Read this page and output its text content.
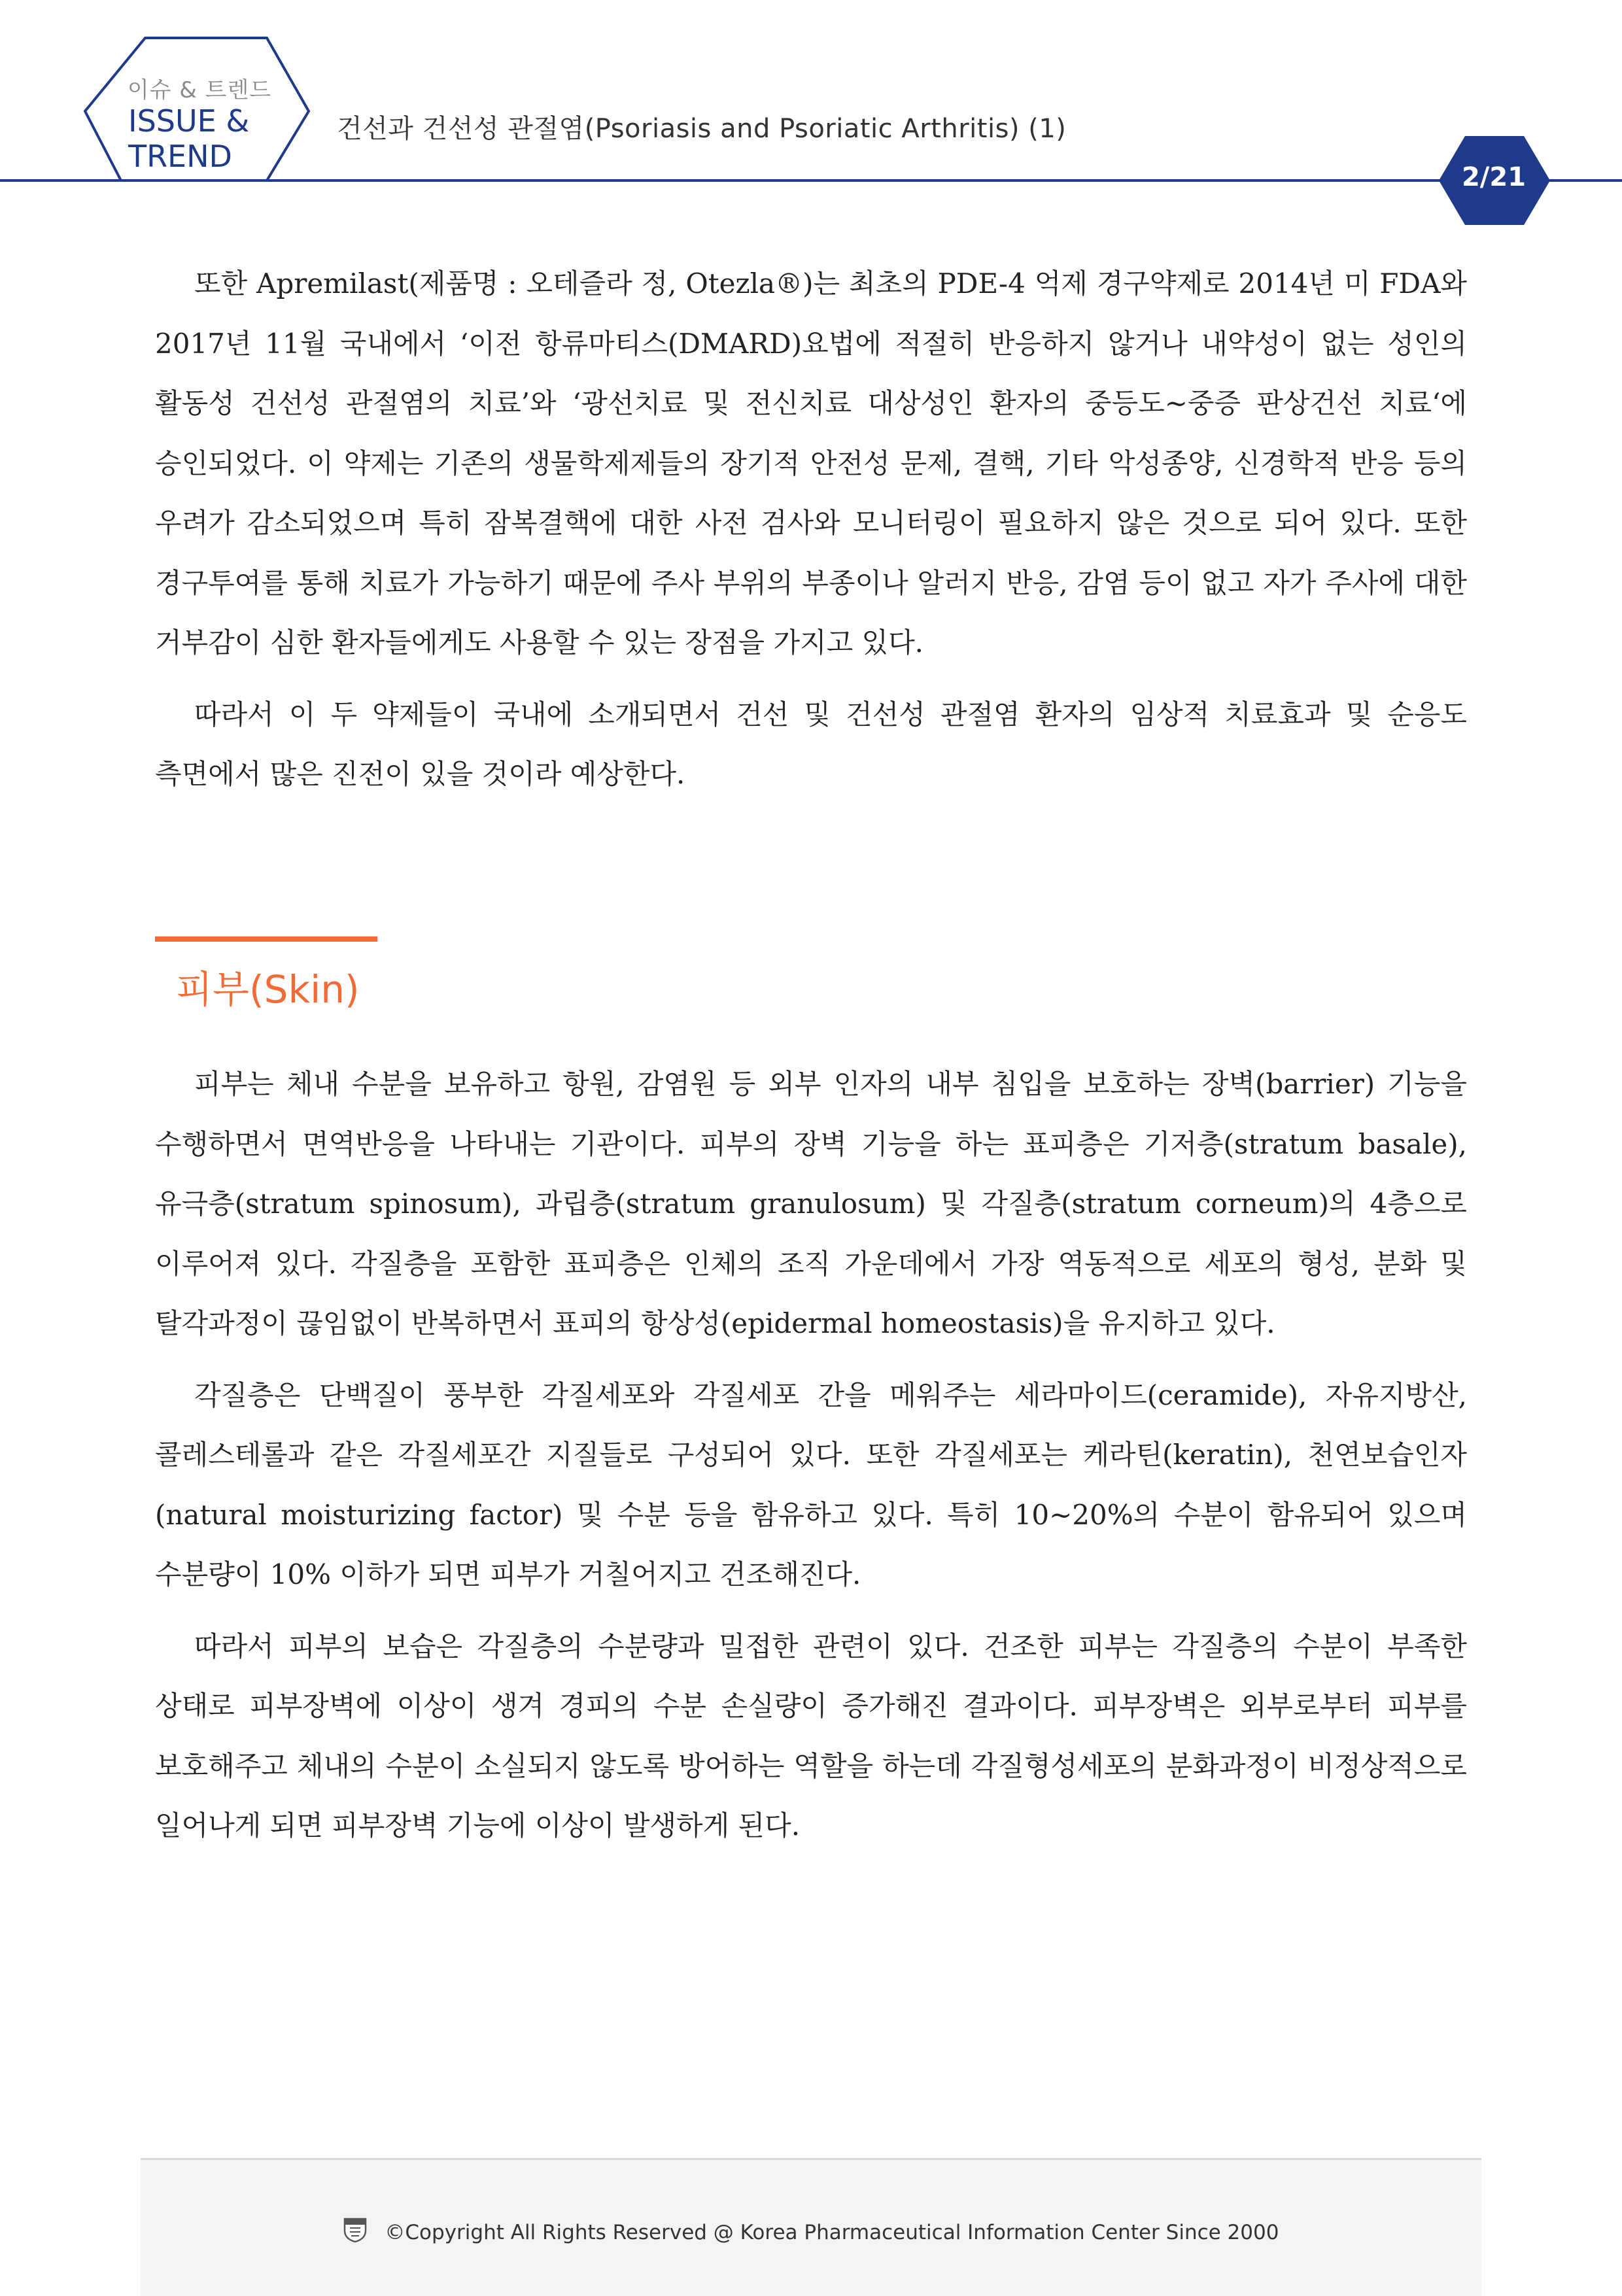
이슈 & 트렌드
ISSUE &
TREND
건선과 건선성 관절염(Psoriasis and Psoriatic Arthritis) (1)
2/21

또한 Apremilast(제품명 : 오테즐라 정, Otezla®)는 최초의 PDE-4 억제 경구약제로 2014년 미 FDA와 2017년 11월 국내에서 ‘이전 항류마티스(DMARD)요법에 적절히 반응하지 않거나 내약성이 없는 성인의 활동성 건선성 관절염의 치료’와 ‘광선치료 및 전신치료 대상성인 환자의 중등도~중증 판상건선 치료‘에 승인되었다. 이 약제는 기존의 생물학제제들의 장기적 안전성 문제, 결핵, 기타 악성종양, 신경학적 반응 등의 우려가 감소되었으며 특히 잠복결핵에 대한 사전 검사와 모니터링이 필요하지 않은 것으로 되어 있다. 또한 경구투여를 통해 치료가 가능하기 때문에 주사 부위의 부종이나 알러지 반응, 감염 등이 없고 자가 주사에 대한 거부감이 심한 환자들에게도 사용할 수 있는 장점을 가지고 있다.

따라서 이 두 약제들이 국내에 소개되면서 건선 및 건선성 관절염 환자의 임상적 치료효과 및 순응도 측면에서 많은 진전이 있을 것이라 예상한다.

피부(Skin)

피부는 체내 수분을 보유하고 항원, 감염원 등 외부 인자의 내부 침입을 보호하는 장벽(barrier) 기능을 수행하면서 면역반응을 나타내는 기관이다. 피부의 장벽 기능을 하는 표피층은 기저층(stratum basale), 유극층(stratum spinosum), 과립층(stratum granulosum) 및 각질층(stratum corneum)의 4층으로 이루어져 있다. 각질층을 포함한 표피층은 인체의 조직 가운데에서 가장 역동적으로 세포의 형성, 분화 및 탈각과정이 끊임없이 반복하면서 표피의 항상성(epidermal homeostasis)을 유지하고 있다.

각질층은 단백질이 풍부한 각질세포와 각질세포 간을 메워주는 세라마이드(ceramide), 자유지방산, 콜레스테롤과 같은 각질세포간 지질들로 구성되어 있다. 또한 각질세포는 케라틴(keratin), 천연보습인자(natural moisturizing factor) 및 수분 등을 함유하고 있다. 특히 10~20%의 수분이 함유되어 있으며 수분량이 10% 이하가 되면 피부가 거칠어지고 건조해진다.

따라서 피부의 보습은 각질층의 수분량과 밀접한 관련이 있다. 건조한 피부는 각질층의 수분이 부족한 상태로 피부장벽에 이상이 생겨 경피의 수분 손실량이 증가해진 결과이다. 피부장벽은 외부로부터 피부를 보호해주고 체내의 수분이 소실되지 않도록 방어하는 역할을 하는데 각질형성세포의 분화과정이 비정상적으로 일어나게 되면 피부장벽 기능에 이상이 발생하게 된다.

©Copyright All Rights Reserved @ Korea Pharmaceutical Information Center Since 2000
